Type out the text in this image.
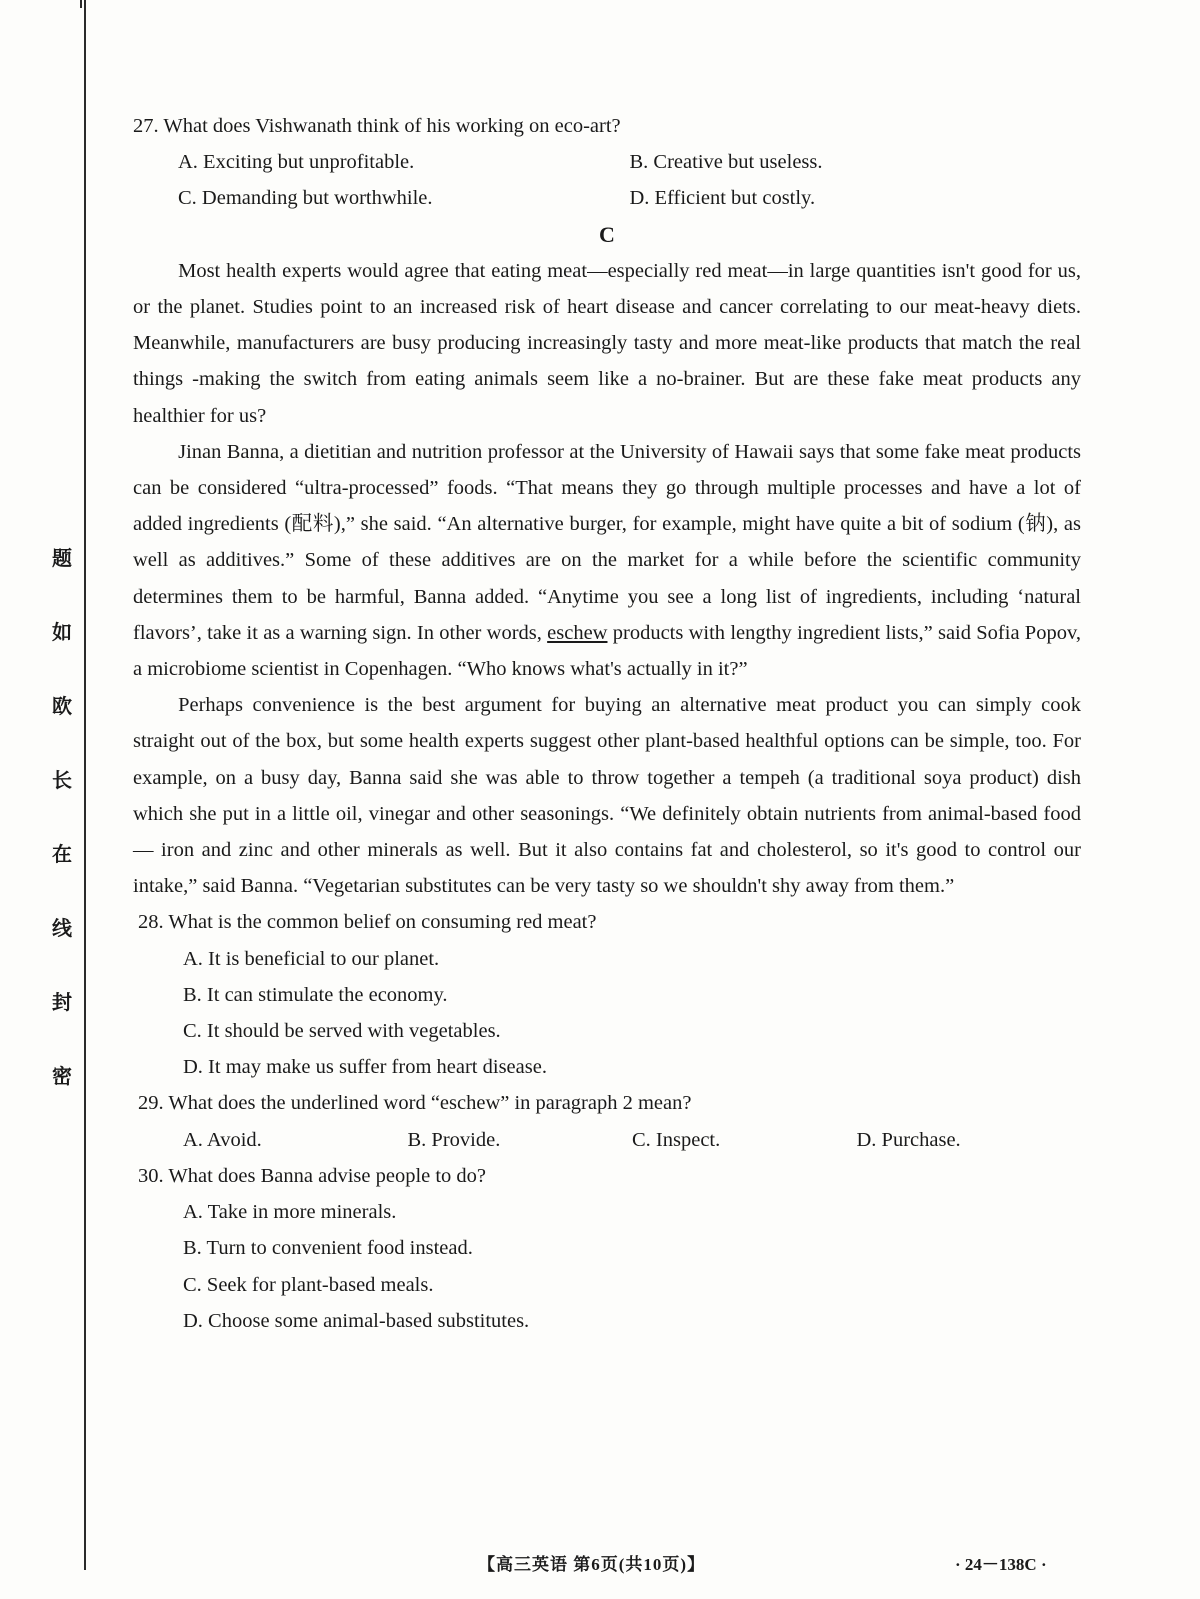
题
如
欧
长
在
线
封
密
27. What does Vishwanath think of his working on eco-art?
A. Exciting but unprofitable.	B. Creative but useless.
C. Demanding but worthwhile.	D. Efficient but costly.
C

Most health experts would agree that eating meat—especially red meat—in large quantities isn't good for us, or the planet. Studies point to an increased risk of heart disease and cancer correlating to our meat-heavy diets. Meanwhile, manufacturers are busy producing increasingly tasty and more meat-like products that match the real things -making the switch from eating animals seem like a no-brainer. But are these fake meat products any healthier for us?

Jinan Banna, a dietitian and nutrition professor at the University of Hawaii says that some fake meat products can be considered “ultra-processed” foods. “That means they go through multiple processes and have a lot of added ingredients (配料),” she said. “An alternative burger, for example, might have quite a bit of sodium (钠), as well as additives.” Some of these additives are on the market for a while before the scientific community determines them to be harmful, Banna added. “Anytime you see a long list of ingredients, including ‘natural flavors’, take it as a warning sign. In other words, eschew products with lengthy ingredient lists,” said Sofia Popov, a microbiome scientist in Copenhagen. “Who knows what's actually in it?”

Perhaps convenience is the best argument for buying an alternative meat product you can simply cook straight out of the box, but some health experts suggest other plant-based healthful options can be simple, too. For example, on a busy day, Banna said she was able to throw together a tempeh (a traditional soya product) dish which she put in a little oil, vinegar and other seasonings. “We definitely obtain nutrients from animal-based food— iron and zinc and other minerals as well. But it also contains fat and cholesterol, so it's good to control our intake,” said Banna. “Vegetarian substitutes can be very tasty so we shouldn't shy away from them.”

28. What is the common belief on consuming red meat?
A. It is beneficial to our planet.
B. It can stimulate the economy.
C. It should be served with vegetables.
D. It may make us suffer from heart disease.
29. What does the underlined word “eschew” in paragraph 2 mean?
A. Avoid.	B. Provide.	C. Inspect.	D. Purchase.
30. What does Banna advise people to do?
A. Take in more minerals.
B. Turn to convenient food instead.
C. Seek for plant-based meals.
D. Choose some animal-based substitutes.
【高三英语 第6页(共10页)】	· 24－138C ·
